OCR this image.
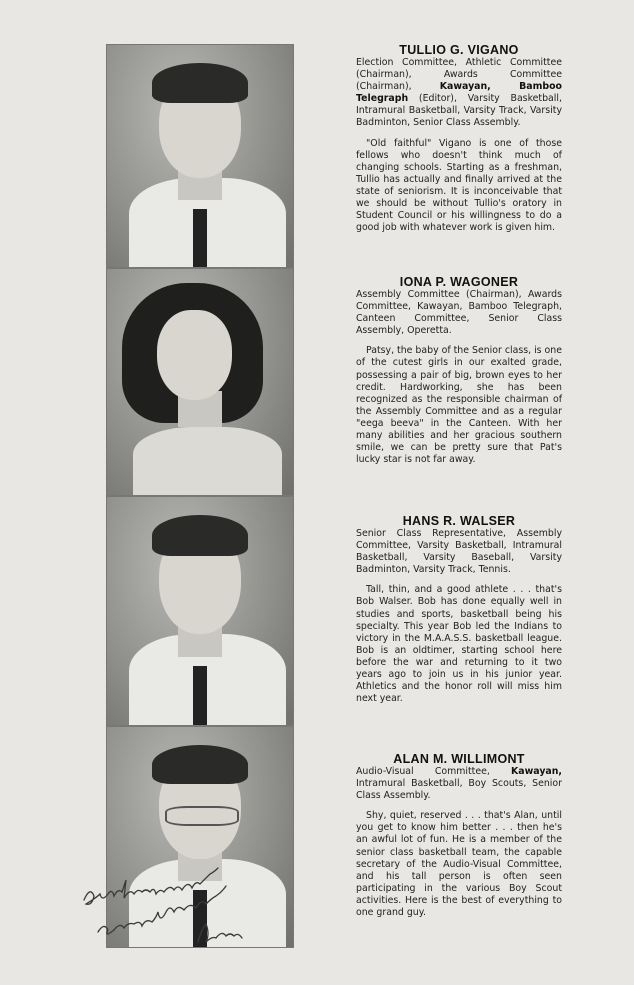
TULLIO G. VIGANO

Election Committee, Athletic Committee (Chairman), Awards Committee (Chairman), Kawayan, Bamboo Telegraph (Editor), Varsity Basketball, Intramural Basketball, Varsity Track, Varsity Badminton, Senior Class Assembly.

"Old faithful" Vigano is one of those fellows who doesn't think much of changing schools. Starting as a freshman, Tullio has actually and finally arrived at the state of seniorism. It is inconceivable that we should be without Tullio's oratory in Student Council or his willingness to do a good job with whatever work is given him.

IONA P. WAGONER

Assembly Committee (Chairman), Awards Committee, Kawayan, Bamboo Telegraph, Canteen Committee, Senior Class Assembly, Operetta.

Patsy, the baby of the Senior class, is one of the cutest girls in our exalted grade, possessing a pair of big, brown eyes to her credit. Hardworking, she has been recognized as the responsible chairman of the Assembly Committee and as a regular "eega beeva" in the Canteen. With her many abilities and her gracious southern smile, we can be pretty sure that Pat's lucky star is not far away.

HANS R. WALSER

Senior Class Representative, Assembly Committee, Varsity Basketball, Intramural Basketball, Varsity Baseball, Varsity Badminton, Varsity Track, Tennis.

Tall, thin, and a good athlete . . . that's Bob Walser. Bob has done equally well in studies and sports, basketball being his specialty. This year Bob led the Indians to victory in the M.A.A.S.S. basketball league. Bob is an oldtimer, starting school here before the war and returning to it two years ago to join us in his junior year. Athletics and the honor roll will miss him next year.

ALAN M. WILLIMONT

Audio-Visual Committee, Kawayan, Intramural Basketball, Boy Scouts, Senior Class Assembly.

Shy, quiet, reserved . . . that's Alan, until you get to know him better . . . then he's an awful lot of fun. He is a member of the senior class basketball team, the capable secretary of the Audio-Visual Committee, and his tall person is often seen participating in the various Boy Scout activities. Here is the best of everything to one grand guy.
